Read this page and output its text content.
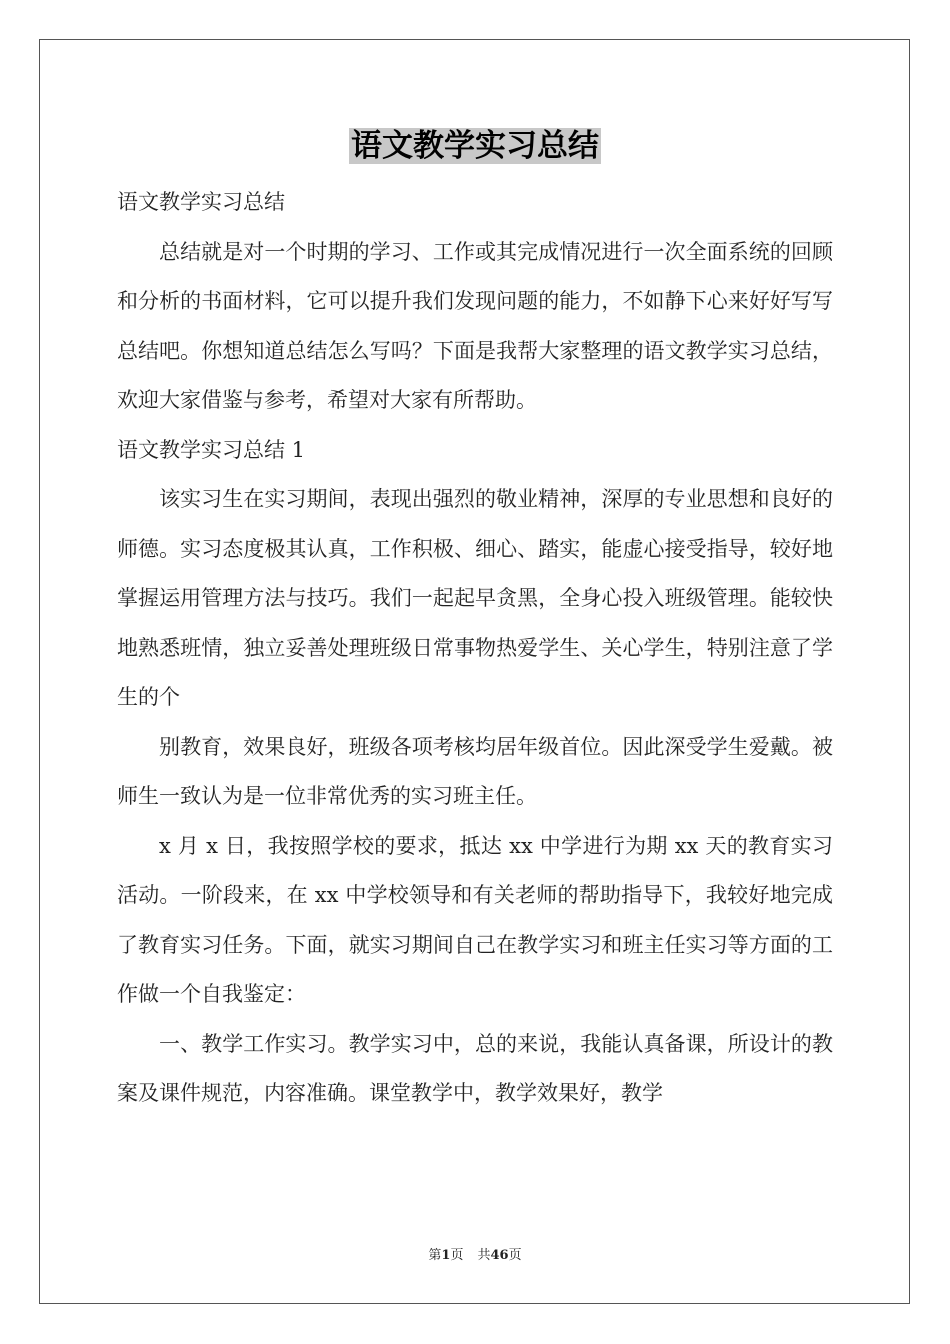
语文教学实习总结

语文教学实习总结

总结就是对一个时期的学习、工作或其完成情况进行一次全面系统的回顾和分析的书面材料，它可以提升我们发现问题的能力，不如静下心来好好写写总结吧。你想知道总结怎么写吗？下面是我帮大家整理的语文教学实习总结，欢迎大家借鉴与参考，希望对大家有所帮助。

语文教学实习总结 1

该实习生在实习期间，表现出强烈的敬业精神，深厚的专业思想和良好的师德。实习态度极其认真，工作积极、细心、踏实，能虚心接受指导，较好地掌握运用管理方法与技巧。我们一起起早贪黑，全身心投入班级管理。能较快地熟悉班情，独立妥善处理班级日常事物热爱学生、关心学生，特别注意了学生的个

别教育，效果良好，班级各项考核均居年级首位。因此深受学生爱戴。被师生一致认为是一位非常优秀的实习班主任。

x 月 x 日，我按照学校的要求，抵达 xx 中学进行为期 xx 天的教育实习活动。一阶段来，在 xx 中学校领导和有关老师的帮助指导下，我较好地完成了教育实习任务。下面，就实习期间自己在教学实习和班主任实习等方面的工作做一个自我鉴定：

一、教学工作实习。教学实习中，总的来说，我能认真备课，所设计的教案及课件规范，内容准确。课堂教学中，教学效果好，教学

第1页 共46页
